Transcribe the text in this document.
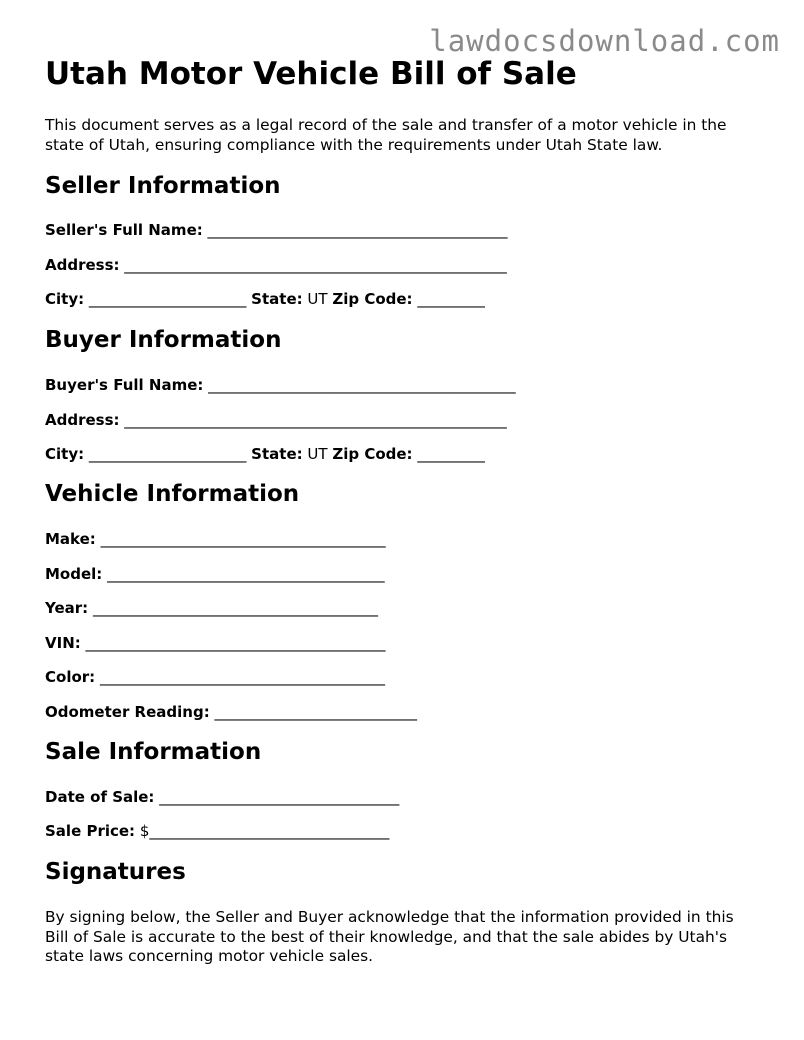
lawdocsdownload.com
Utah Motor Vehicle Bill of Sale

This document serves as a legal record of the sale and transfer of a motor vehicle in the state of Utah, ensuring compliance with the requirements under Utah State law.

Seller Information

Seller's Full Name: ________________________________________

Address: ___________________________________________________

City: _____________________ State: UT Zip Code: _________

Buyer Information

Buyer's Full Name: _________________________________________

Address: ___________________________________________________

City: _____________________ State: UT Zip Code: _________

Vehicle Information

Make: ______________________________________

Model: _____________________________________

Year: ______________________________________

VIN: ________________________________________

Color: ______________________________________

Odometer Reading: ___________________________

Sale Information

Date of Sale: ________________________________

Sale Price: $________________________________

Signatures

By signing below, the Seller and Buyer acknowledge that the information provided in this Bill of Sale is accurate to the best of their knowledge, and that the sale abides by Utah's state laws concerning motor vehicle sales.
